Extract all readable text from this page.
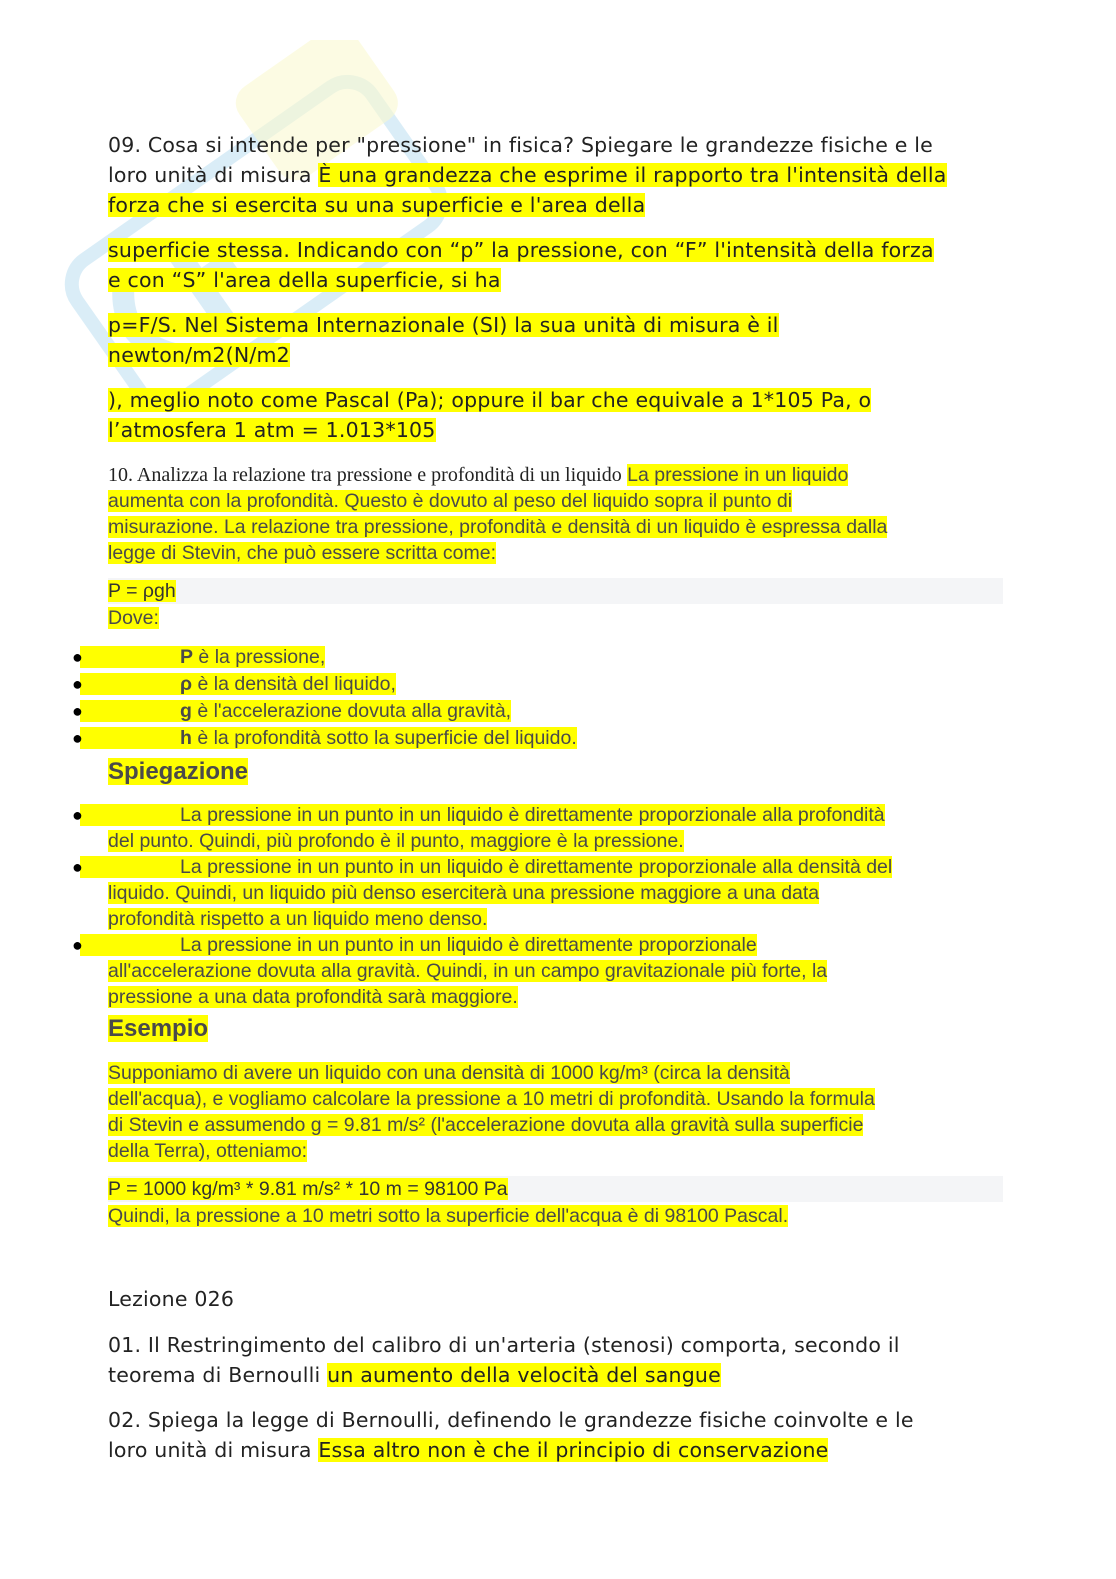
09. Cosa si intende per "pressione" in fisica? Spiegare le grandezze fisiche e le
loro unità di misura È una grandezza che esprime il rapporto tra l'intensità della
forza che si esercita su una superficie e l'area della
superficie stessa. Indicando con “p” la pressione, con “F” l'intensità della forza
e con “S” l'area della superficie, si ha
p=F/S. Nel Sistema Internazionale (SI) la sua unità di misura è il
newton/m2(N/m2
), meglio noto come Pascal (Pa); oppure il bar che equivale a 1*105 Pa, o
l’atmosfera 1 atm = 1.013*105
10. Analizza la relazione tra pressione e profondità di un liquido La pressione in un liquido
aumenta con la profondità. Questo è dovuto al peso del liquido sopra il punto di
misurazione. La relazione tra pressione, profondità e densità di un liquido è espressa dalla
legge di Stevin, che può essere scritta come:
P = ρgh
Dove:
●	P è la pressione,
●	ρ è la densità del liquido,
●	g è l'accelerazione dovuta alla gravità,
●	h è la profondità sotto la superficie del liquido.
Spiegazione
●	La pressione in un punto in un liquido è direttamente proporzionale alla profondità
del punto. Quindi, più profondo è il punto, maggiore è la pressione.
●	La pressione in un punto in un liquido è direttamente proporzionale alla densità del
liquido. Quindi, un liquido più denso eserciterà una pressione maggiore a una data
profondità rispetto a un liquido meno denso.
●	La pressione in un punto in un liquido è direttamente proporzionale
all'accelerazione dovuta alla gravità. Quindi, in un campo gravitazionale più forte, la
pressione a una data profondità sarà maggiore.
Esempio
Supponiamo di avere un liquido con una densità di 1000 kg/m³ (circa la densità
dell'acqua), e vogliamo calcolare la pressione a 10 metri di profondità. Usando la formula
di Stevin e assumendo g = 9.81 m/s² (l'accelerazione dovuta alla gravità sulla superficie
della Terra), otteniamo:
P = 1000 kg/m³ * 9.81 m/s² * 10 m = 98100 Pa
Quindi, la pressione a 10 metri sotto la superficie dell'acqua è di 98100 Pascal.
Lezione 026
01. Il Restringimento del calibro di un'arteria (stenosi) comporta, secondo il
teorema di Bernoulli un aumento della velocità del sangue
02. Spiega la legge di Bernoulli, definendo le grandezze fisiche coinvolte e le
loro unità di misura Essa altro non è che il principio di conservazione
